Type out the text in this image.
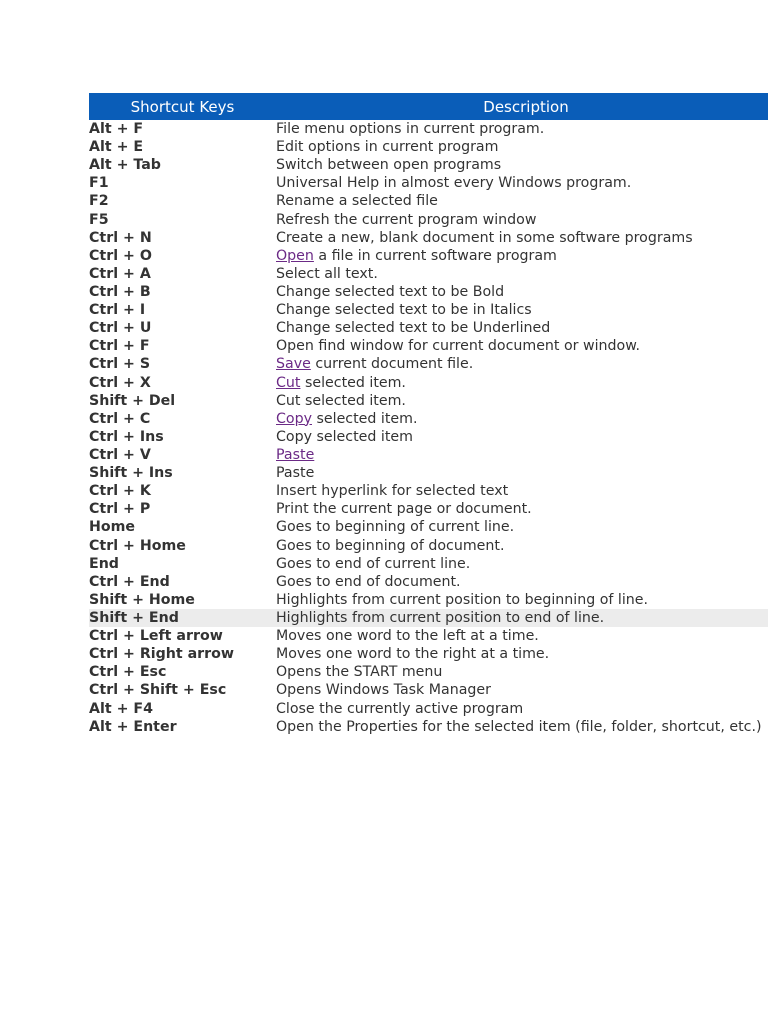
Shortcut Keys	Description
Alt + F	File menu options in current program.
Alt + E	Edit options in current program
Alt + Tab	Switch between open programs
F1	Universal Help in almost every Windows program.
F2	Rename a selected file
F5	Refresh the current program window
Ctrl + N	Create a new, blank document in some software programs
Ctrl + O	Open a file in current software program
Ctrl + A	Select all text.
Ctrl + B	Change selected text to be Bold
Ctrl + I	Change selected text to be in Italics
Ctrl + U	Change selected text to be Underlined
Ctrl + F	Open find window for current document or window.
Ctrl + S	Save current document file.
Ctrl + X	Cut selected item.
Shift + Del	Cut selected item.
Ctrl + C	Copy selected item.
Ctrl + Ins	Copy selected item
Ctrl + V	Paste
Shift + Ins	Paste
Ctrl + K	Insert hyperlink for selected text
Ctrl + P	Print the current page or document.
Home	Goes to beginning of current line.
Ctrl + Home	Goes to beginning of document.
End	Goes to end of current line.
Ctrl + End	Goes to end of document.
Shift + Home	Highlights from current position to beginning of line.
Shift + End	Highlights from current position to end of line.
Ctrl + Left arrow	Moves one word to the left at a time.
Ctrl + Right arrow	Moves one word to the right at a time.
Ctrl + Esc	Opens the START menu
Ctrl + Shift + Esc	Opens Windows Task Manager
Alt + F4	Close the currently active program
Alt + Enter	Open the Properties for the selected item (file, folder, shortcut, etc.)
